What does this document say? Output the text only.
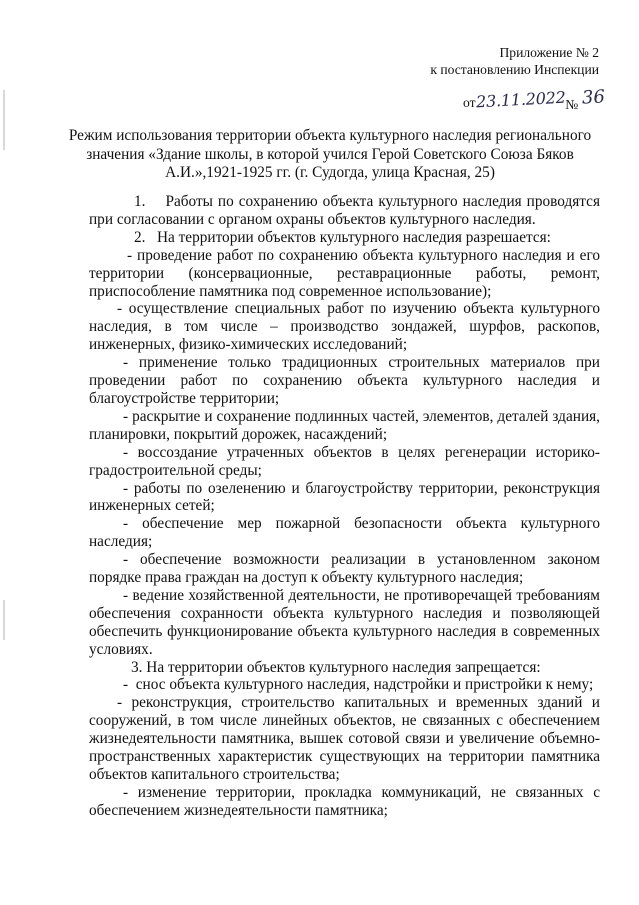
Приложение № 2
к постановлению Инспекции
от23.11.2022№ 36
Режим использования территории объекта культурного наследия регионального значения «Здание школы, в которой учился Герой Советского Союза Бяков А.И.»,1921-1925 гг. (г. Судогда, улица Красная, 25)

1.    Работы по сохранению объекта культурного наследия проводятся при согласовании с органом охраны объектов культурного наследия.

2.   На территории объектов культурного наследия разрешается:

- проведение работ по сохранению объекта культурного наследия и его территории (консервационные, реставрационные работы, ремонт, приспособление памятника под современное использование);

- осуществление специальных работ по изучению объекта культурного наследия, в том числе – производство зондажей, шурфов, раскопов, инженерных, физико-химических исследований;

- применение только традиционных строительных материалов при проведении работ по сохранению объекта культурного наследия и благоустройстве территории;

- раскрытие и сохранение подлинных частей, элементов, деталей здания, планировки, покрытий дорожек, насаждений;

- воссоздание утраченных объектов в целях регенерации историко-градостроительной среды;

- работы по озеленению и благоустройству территории, реконструкция инженерных сетей;

- обеспечение мер пожарной безопасности объекта культурного наследия;

- обеспечение возможности реализации в установленном законом порядке права граждан на доступ к объекту культурного наследия;

- ведение хозяйственной деятельности, не противоречащей требованиям обеспечения сохранности объекта культурного наследия и позволяющей обеспечить функционирование объекта культурного наследия в современных условиях.

3. На территории объектов культурного наследия запрещается:

-  снос объекта культурного наследия, надстройки и пристройки к нему;

- реконструкция, строительство капитальных и временных зданий и сооружений, в том числе линейных объектов, не связанных с обеспечением жизнедеятельности памятника, вышек сотовой связи и увеличение объемно-пространственных характеристик существующих на территории памятника объектов капитального строительства;

- изменение территории, прокладка коммуникаций, не связанных с обеспечением жизнедеятельности памятника;
